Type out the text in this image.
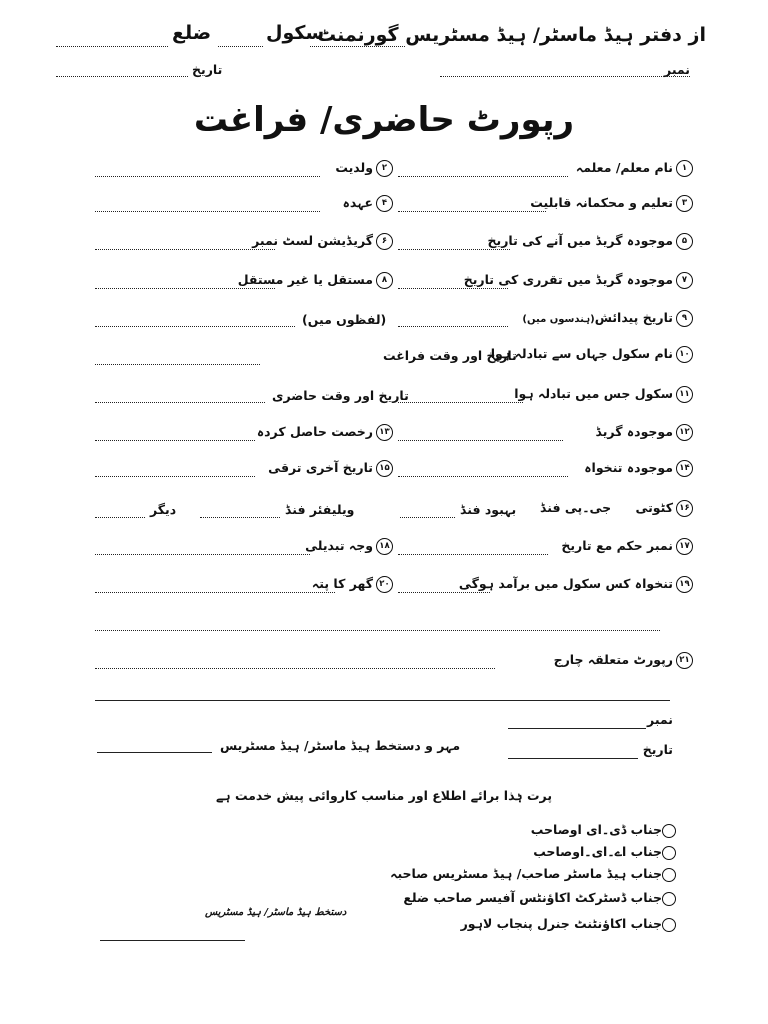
از دفتر ہیڈ ماسٹر/ ہیڈ مسٹریس گورنمنٹ
سکول
ضلع
نمبر
تاریخ
رپورٹ حاضری/ فراغت
۱نام معلم/ معلمہ
۲ولدیت
۳تعلیم و محکمانہ قابلیت
۴عہدہ
۵موجودہ گریڈ میں آنے کی تاریخ
۶گریڈیشن لسٹ نمبر
۷موجودہ گریڈ میں تقرری کی تاریخ
۸مستقل یا غیر مستقل
۹تاریخ پیدائش(ہندسوں میں)
(لفظوں میں)
۱۰نام سکول جہاں سے تبادلہ ہوا
تاریخ اور وقت فراغت
۱۱سکول جس میں تبادلہ ہوا
تاریخ اور وقت حاضری
۱۲موجودہ گریڈ
۱۳رخصت حاصل کردہ
۱۴موجودہ تنخواہ
۱۵تاریخ آخری ترقی
۱۶کٹوتی
جی۔پی فنڈ
بہبود فنڈ
ویلیفئر فنڈ
دیگر
۱۷نمبر حکم مع تاریخ
۱۸وجہ تبدیلی
۱۹تنخواہ کس سکول میں برآمد ہوگی
۲۰گھر کا پتہ
۲۱رپورٹ متعلقہ چارج
نمبر
تاریخ
مہر و دستخط ہیڈ ماسٹر/ ہیڈ مسٹریس
پرت ہٰذا برائے اطلاع اور مناسب کاروائی پیش خدمت ہے
جناب ڈی۔ای اوصاحب
جناب اے۔ای۔اوصاحب
جناب ہیڈ ماسٹر صاحب/ ہیڈ مسٹریس صاحبہ
جناب ڈسٹرکٹ اکاؤنٹس آفیسر صاحب ضلع
جناب اکاؤنٹنٹ جنرل پنجاب لاہور
دستخط ہیڈ ماسٹر/ ہیڈ مسٹریس
